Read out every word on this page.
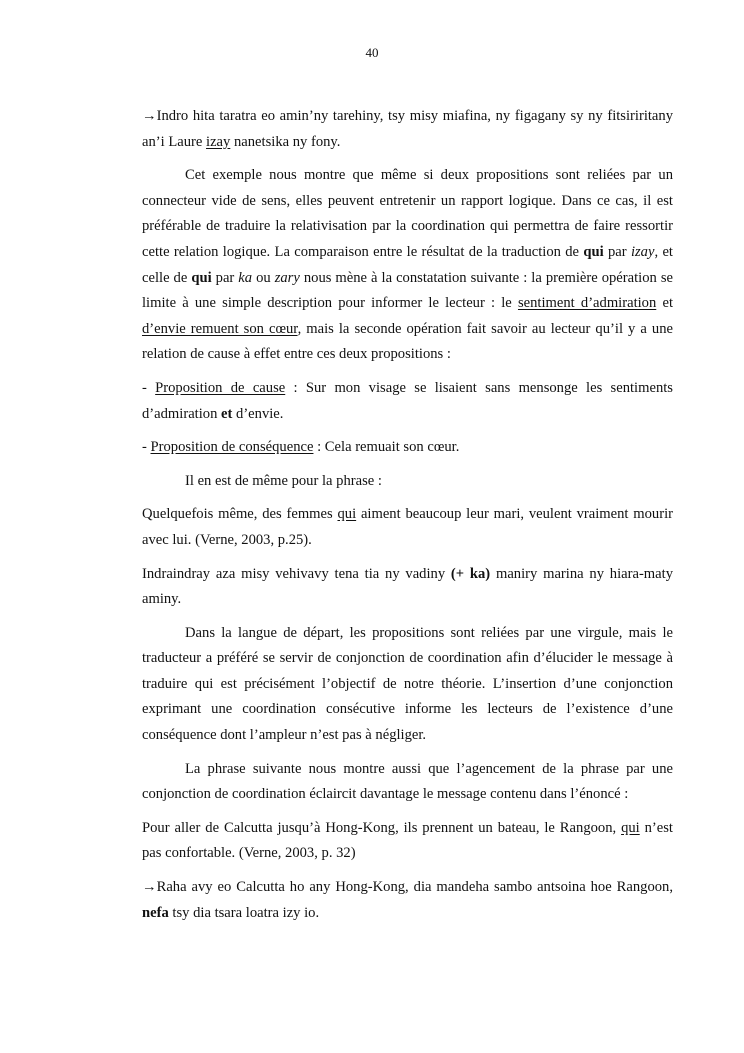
40

→Indro hita taratra eo amin’ny tarehiny, tsy misy miafina, ny figagany sy ny fitsiriritany an’i Laure izay nanetsika ny fony.

Cet exemple nous montre que même si deux propositions sont reliées par un connecteur vide de sens, elles peuvent entretenir un rapport logique. Dans ce cas, il est préférable de traduire la relativisation par la coordination qui permettra de faire ressortir cette relation logique. La comparaison entre le résultat de la traduction de qui par izay, et celle de qui par ka ou zary nous mène à la constatation suivante : la première opération se limite à une simple description pour informer le lecteur : le sentiment d’admiration et d’envie remuent son cœur, mais la seconde opération fait savoir au lecteur qu’il y a une relation de cause à effet entre ces deux propositions :

- Proposition de cause : Sur mon visage se lisaient sans mensonge les sentiments d’admiration et d’envie.

- Proposition de conséquence : Cela remuait son cœur.

Il en est de même pour la phrase :

Quelquefois même, des femmes qui aiment beaucoup leur mari, veulent vraiment mourir avec lui. (Verne, 2003, p.25).

Indraindray aza misy vehivavy tena tia ny vadiny (+ ka) maniry marina ny hiara-maty aminy.

Dans la langue de départ, les propositions sont reliées par une virgule, mais le traducteur a préféré se servir de conjonction de coordination afin d’élucider le message à traduire qui est précisément l’objectif de notre théorie. L’insertion d’une conjonction exprimant une coordination consécutive informe les lecteurs de l’existence d’une conséquence dont l’ampleur n’est pas à négliger.

La phrase suivante nous montre aussi que l’agencement de la phrase par une conjonction de coordination éclaircit davantage le message contenu dans l’énoncé :

Pour aller de Calcutta jusqu’à Hong-Kong, ils prennent un bateau, le Rangoon, qui n’est pas confortable. (Verne, 2003, p. 32)

→Raha avy eo Calcutta ho any Hong-Kong, dia mandeha sambo antsoina hoe Rangoon, nefa tsy dia tsara loatra izy io.
